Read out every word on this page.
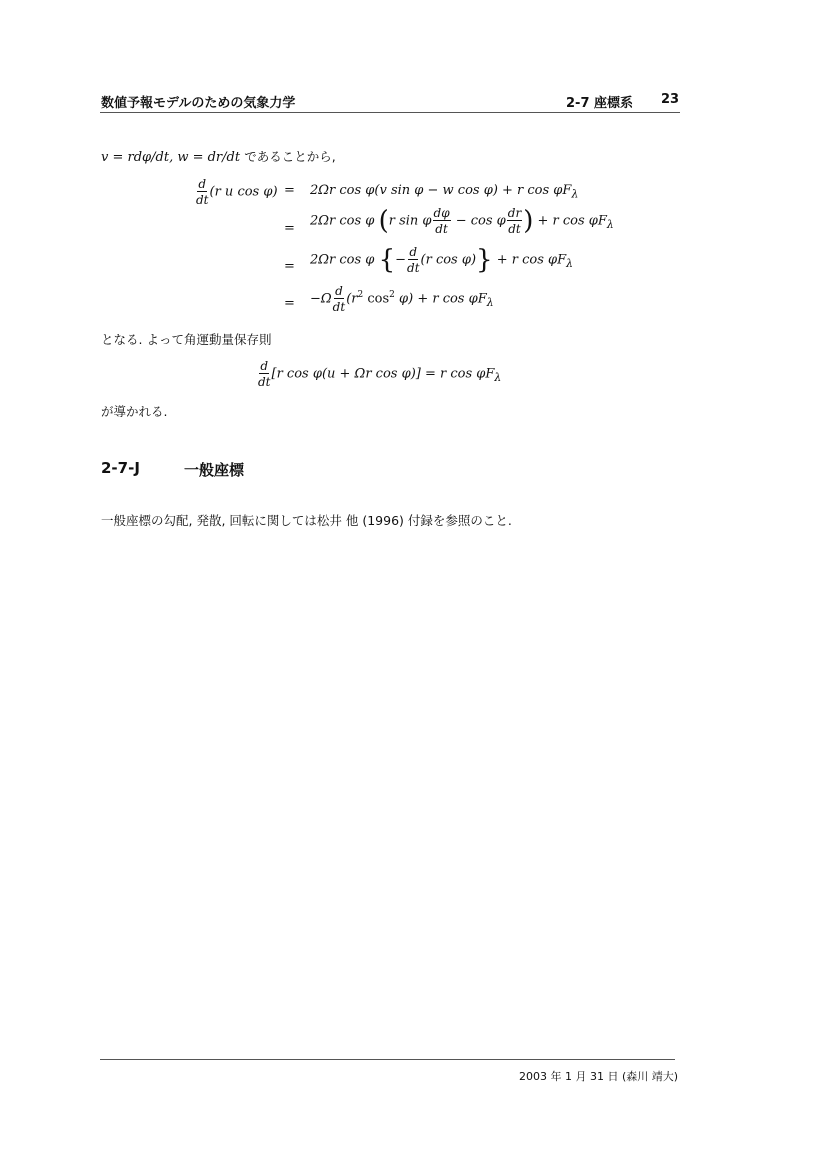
数値予報モデルのための気象力学	2-7 座標系 23
v = rdφ/dt, w = dr/dt であることから,
$\frac{d}{dt} (r$ u cos φ) = 2Ωr cos φ(v sin φ − w cos φ) + r $\cos \varphi F_\lambda$
= 2Ωr cos φ (r sin φ $\frac{d\varphi}{dt} - \cos \varphi \frac{dr}{dt}$ ) + r $\cos \varphi F_\lambda$
= 2Ωr cos φ {− $\frac{d}{dt} (r$ cos φ)} + r $\cos \varphi F_\lambda$
= $-\Omega \frac{d}{dt} (r^2$ $\cos^2 \varphi) + r$ $\cos \varphi F_\lambda$
となる. よって角運動量保存則
$\frac{d}{dt} [r$ cos φ(u + Ωr cos φ)] = r $\cos \varphi F_\lambda$
が導かれる.
2-7-J	一般座標
一般座標の勾配, 発散, 回転に関しては松井 他 (1996) 付録を参照のこと.
2003 年 1 月 31 日 (森川 靖大)
